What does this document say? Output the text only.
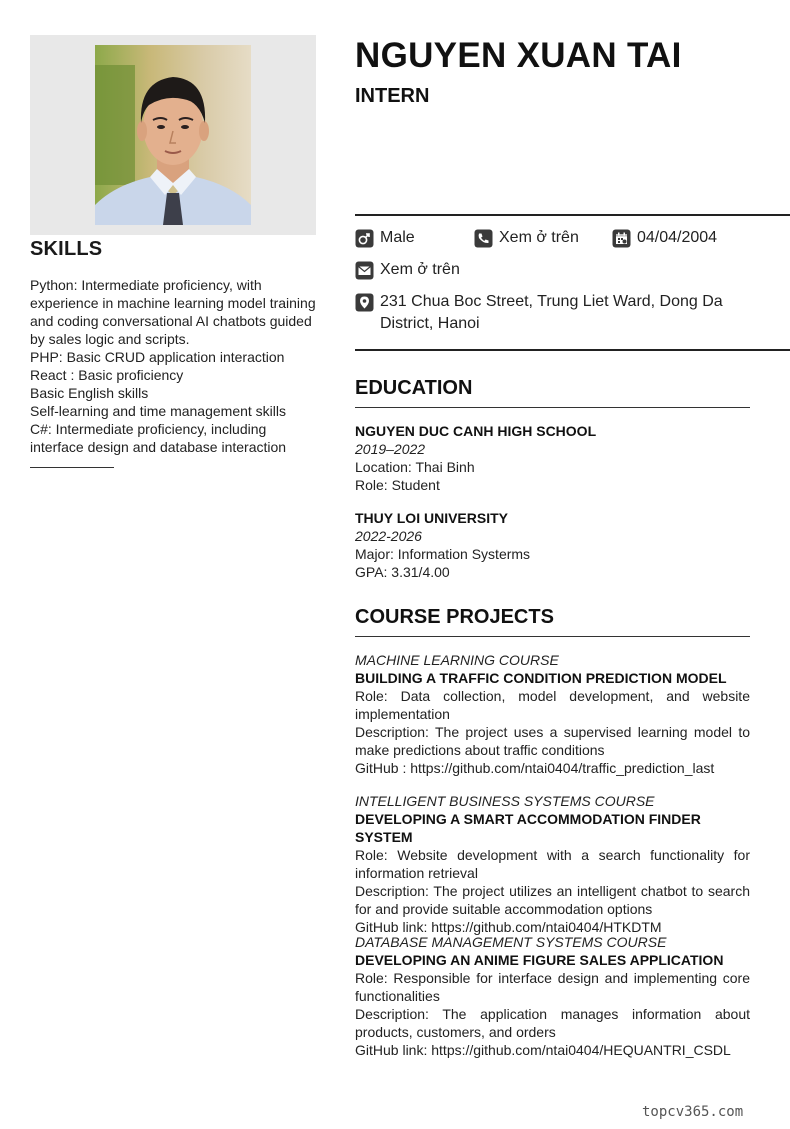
SKILLS
Python: Intermediate proficiency, with experience in machine learning model training and coding conversational AI chatbots guided by sales logic and scripts.
PHP: Basic CRUD application interaction
React : Basic proficiency
Basic English skills
Self-learning and time management skills
C#: Intermediate proficiency, including interface design and database interaction
NGUYEN XUAN TAI
INTERN
Male	Xem ở trên	04/04/2004
Xem ở trên
231 Chua Boc Street, Trung Liet Ward, Dong Da District, Hanoi
EDUCATION
NGUYEN DUC CANH HIGH SCHOOL
2019–2022
Location: Thai Binh
Role: Student
THUY LOI UNIVERSITY
2022-2026
Major: Information Systerms
GPA: 3.31/4.00
COURSE PROJECTS
MACHINE LEARNING COURSE
BUILDING A TRAFFIC CONDITION PREDICTION MODEL
Role: Data collection, model development, and website implementation
Description: The project uses a supervised learning model to make predictions about traffic conditions
GitHub : https://github.com/ntai0404/traffic_prediction_last
INTELLIGENT BUSINESS SYSTEMS COURSE
DEVELOPING A SMART ACCOMMODATION FINDER SYSTEM
Role: Website development with a search functionality for information retrieval
Description: The project utilizes an intelligent chatbot to search for and provide suitable accommodation options
GitHub link: https://github.com/ntai0404/HTKDTM
DATABASE MANAGEMENT SYSTEMS COURSE
DEVELOPING AN ANIME FIGURE SALES APPLICATION
Role: Responsible for interface design and implementing core functionalities
Description: The application manages information about products, customers, and orders
GitHub link: https://github.com/ntai0404/HEQUANTRI_CSDL
topcv365.com
